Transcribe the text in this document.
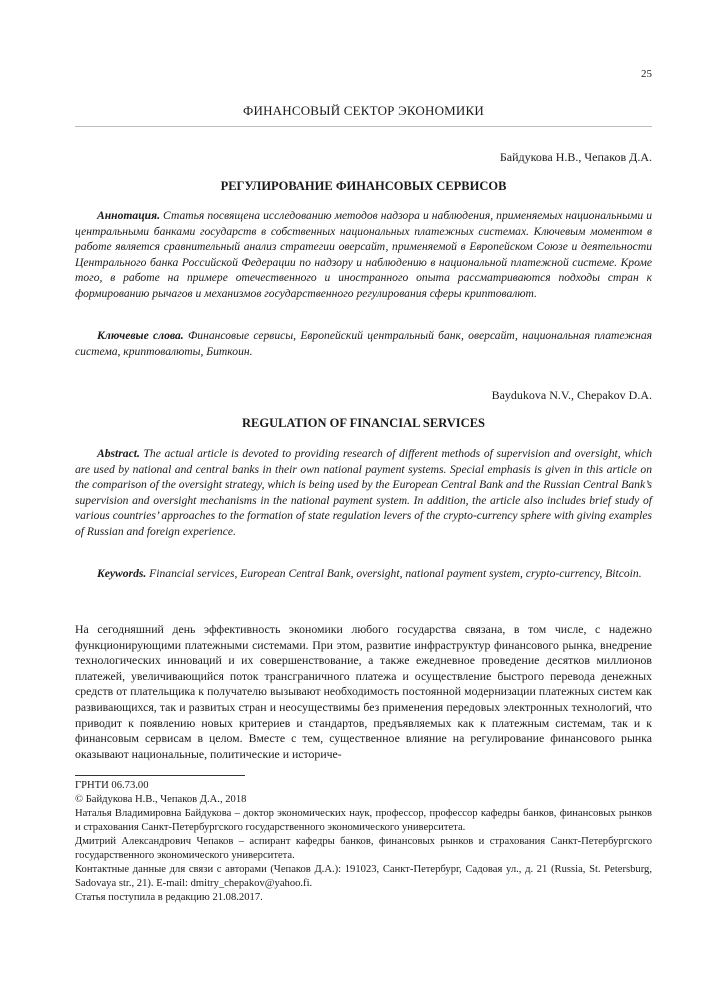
25
ФИНАНСОВЫЙ СЕКТОР ЭКОНОМИКИ
Байдукова Н.В., Чепаков Д.А.
РЕГУЛИРОВАНИЕ ФИНАНСОВЫХ СЕРВИСОВ

Аннотация. Статья посвящена исследованию методов надзора и наблюдения, применяемых национальными и центральными банками государств в собственных национальных платежных системах. Ключевым моментом в работе является сравнительный анализ стратегии оверсайт, применяемой в Европейском Союзе и деятельности Центрального банка Российской Федерации по надзору и наблюдению в национальной платежной системе. Кроме того, в работе на примере отечественного и иностранного опыта рассматриваются подходы стран к формированию рычагов и механизмов государственного регулирования сферы криптовалют.

Ключевые слова. Финансовые сервисы, Европейский центральный банк, оверсайт, национальная платежная система, криптовалюты, Биткоин.

Baydukova N.V., Chepakov D.A.
REGULATION OF FINANCIAL SERVICES

Abstract. The actual article is devoted to providing research of different methods of supervision and oversight, which are used by national and central banks in their own national payment systems. Special emphasis is given in this article on the comparison of the oversight strategy, which is being used by the European Central Bank and the Russian Central Bank’s supervision and oversight mechanisms in the national payment system. In addition, the article also includes brief study of various countries’ approaches to the formation of state regulation levers of the crypto-currency sphere with giving examples of Russian and foreign experience.

Keywords. Financial services, European Central Bank, oversight, national payment system, crypto-currency, Bitcoin.

На сегодняшний день эффективность экономики любого государства связана, в том числе, с надежно функционирующими платежными системами. При этом, развитие инфраструктур финансового рынка, внедрение технологических инноваций и их совершенствование, а также ежедневное проведение десятков миллионов платежей, увеличивающийся поток трансграничного платежа и осуществление быстрого перевода денежных средств от плательщика к получателю вызывают необходимость постоянной модернизации платежных систем как развивающихся, так и развитых стран и неосуществимы без применения передовых электронных технологий, что приводит к появлению новых критериев и стандартов, предъявляемых как к платежным системам, так и к финансовым сервисам в целом. Вместе с тем, существенное влияние на регулирование финансового рынка оказывают национальные, политические и историче-

ГРНТИ 06.73.00

© Байдукова Н.В., Чепаков Д.А., 2018

Наталья Владимировна Байдукова – доктор экономических наук, профессор, профессор кафедры банков, финансовых рынков и страхования Санкт-Петербургского государственного экономического университета.

Дмитрий Александрович Чепаков – аспирант кафедры банков, финансовых рынков и страхования Санкт-Петербургского государственного экономического университета.

Контактные данные для связи с авторами (Чепаков Д.А.): 191023, Санкт-Петербург, Садовая ул., д. 21 (Russia, St. Petersburg, Sadovaya str., 21). E-mail: dmitry_chepakov@yahoo.fi.

Статья поступила в редакцию 21.08.2017.
